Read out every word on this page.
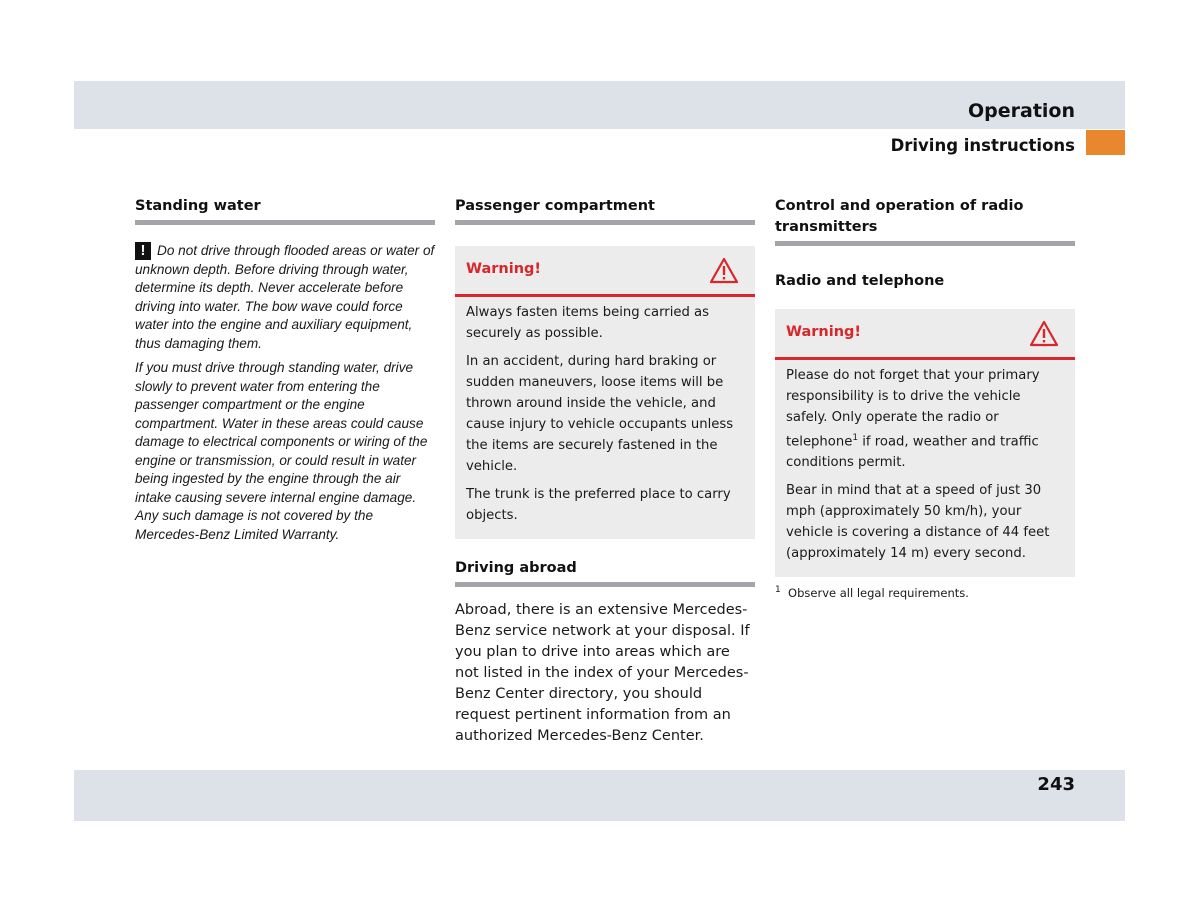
Operation
Driving instructions
Standing water

! Do not drive through flooded areas or water of unknown depth. Before driving through water, determine its depth. Never accelerate before driving into water. The bow wave could force water into the engine and auxiliary equipment, thus damaging them.

If you must drive through standing water, drive slowly to prevent water from entering the passenger compartment or the engine compartment. Water in these areas could cause damage to electrical components or wiring of the engine or transmission, or could result in water being ingested by the engine through the air intake causing severe internal engine damage. Any such damage is not covered by the Mercedes-Benz Limited Warranty.

Passenger compartment
Warning!

Always fasten items being carried as securely as possible.

In an accident, during hard braking or sudden maneuvers, loose items will be thrown around inside the vehicle, and cause injury to vehicle occupants unless the items are securely fastened in the vehicle.

The trunk is the preferred place to carry objects.

Driving abroad

Abroad, there is an extensive Mercedes-Benz service network at your disposal. If you plan to drive into areas which are not listed in the index of your Mercedes-Benz Center directory, you should request pertinent information from an authorized Mercedes-Benz Center.

Control and operation of radio transmitters
Radio and telephone
Warning!

Please do not forget that your primary responsibility is to drive the vehicle safely. Only operate the radio or telephone$^1$ if road, weather and traffic conditions permit.

Bear in mind that at a speed of just 30 mph (approximately 50 km/h), your vehicle is covering a distance of 44 feet (approximately 14 m) every second.

$^1$ Observe all legal requirements.
243
